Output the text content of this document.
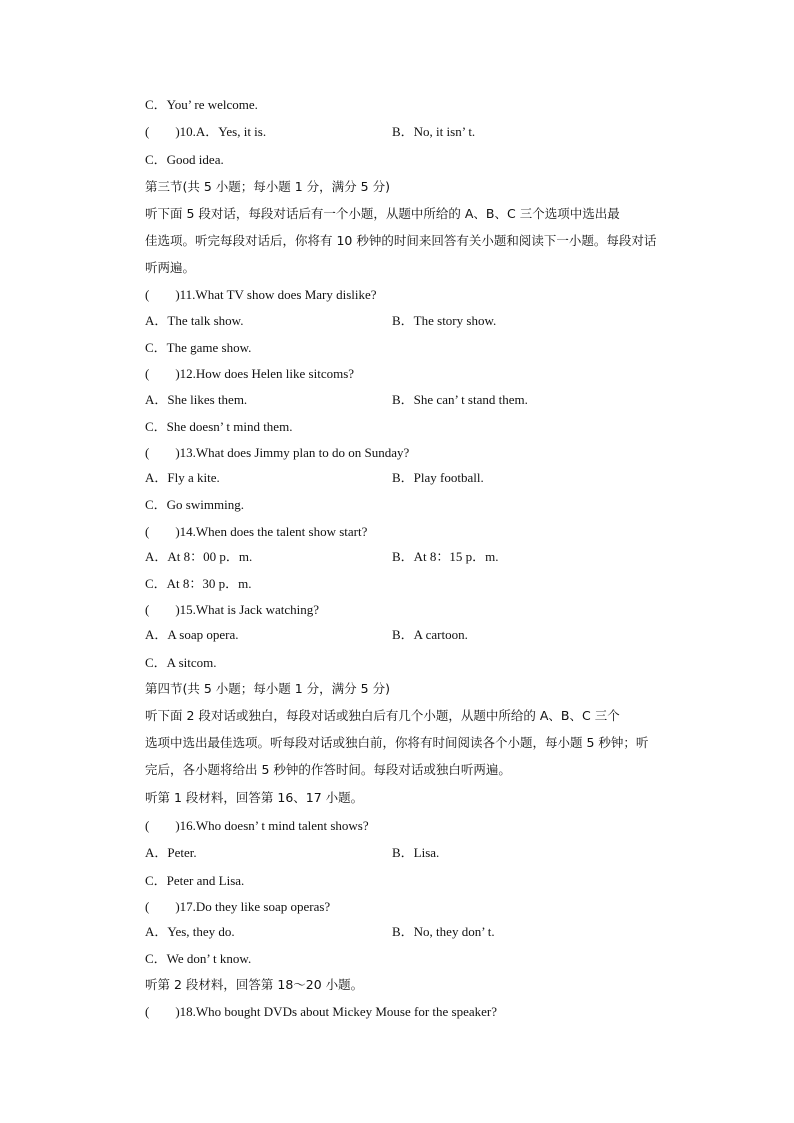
C．You’ re welcome.
(　　)10.A．Yes, it is.	B．No, it isn’ t.
C．Good idea.
第三节(共 5 小题；每小题 1 分，满分 5 分)
听下面 5 段对话，每段对话后有一个小题，从题中所给的 A、B、C 三个选项中选出最
佳选项。听完每段对话后，你将有 10 秒钟的时间来回答有关小题和阅读下一小题。每段对话
听两遍。
(　　)11.What TV show does Mary dislike?
A．The talk show.	B．The story show.
C．The game show.
(　　)12.How does Helen like sitcoms?
A．She likes them.	B．She can’ t stand them.
C．She doesn’ t mind them.
(　　)13.What does Jimmy plan to do on Sunday?
A．Fly a kite.	B．Play football.
C．Go swimming.
(　　)14.When does the talent show start?
A．At 8：00 p．m.	B．At 8：15 p．m.
C．At 8：30 p．m.
(　　)15.What is Jack watching?
A．A soap opera.	B．A cartoon.
C．A sitcom.
第四节(共 5 小题；每小题 1 分，满分 5 分)
听下面 2 段对话或独白，每段对话或独白后有几个小题，从题中所给的 A、B、C 三个
选项中选出最佳选项。听每段对话或独白前，你将有时间阅读各个小题，每小题 5 秒钟；听
完后，各小题将给出 5 秒钟的作答时间。每段对话或独白听两遍。
听第 1 段材料，回答第 16、17 小题。
(　　)16.Who doesn’ t mind talent shows?
A．Peter.	B．Lisa.
C．Peter and Lisa.
(　　)17.Do they like soap operas?
A．Yes, they do.	B．No, they don’ t.
C．We don’ t know.
听第 2 段材料，回答第 18～20 小题。
(　　)18.Who bought DVDs about Mickey Mouse for the speaker?
